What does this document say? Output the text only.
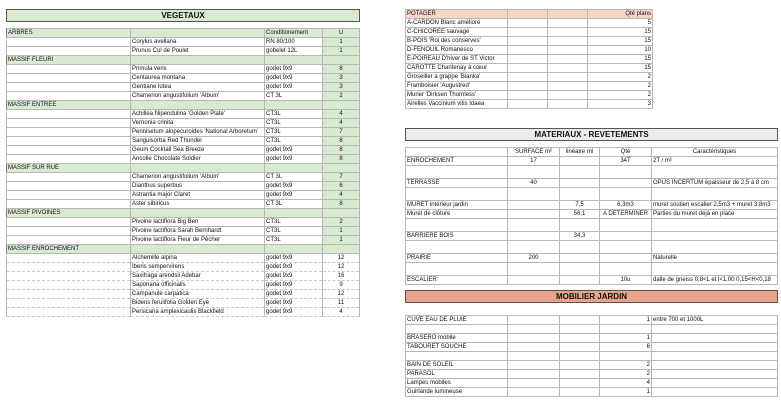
VEGETAUX			

ARBRES		Conditionement	U
	Corylus avellana	RN 80/100	1
	Prunus Cul de Poulet	gobelet 12L	1
MASSIF FLEURI			
	Primula veris	godet 9x9	8
	Centaurea montana	godet 9x9	3
	Gentiane lutea	godet 9x9	3
	Chamerion angustifolium 'Album'	CT 3L	2
MASSIF ENTREE			
	Achillea filipendulina 'Golden Plate'	CT3L	4
	Vernonia crinita	CT3L	4
	Pennisetum alopecuroides 'National Arboretum'	CT3L	7
	Sanguisorba Red Thunder	CT3L	8
	Geum Cocktail Sea Breeze	godet 9x9	8
	Ancolie Chocolate Soldier	godet 9x9	8
MASSIF SUR RUE			
	Chamerion angustifolium 'Album'	CT 3L	7
	Dianthus superbus	godet 9x9	6
	Astrantia major Claret	godet 9x9	4
	Aster sibiricus	CT 3L	8
MASSIF PIVOINES			
	Pivoine lactiflora Big Ben	CT3L	2
	Pivoine lactiflora Sarah Bernhardt	CT3L	1
	Pivoine lactiflora Fleur de Pêcher	CT3L	1
MASSIF ENROCHEMENT			
	Alchemille alpina	godet 9x9	12
	Iberis sempervirens	godet 9x9	12
	Saxifraga arendsii Adebar	godet 9x9	16
	Saponaria officinalis	godet 9x9	9
	Campanule carpatica	godet 9x9	12
	Bidens ferulifolia Golden Eye	godet 9x9	11
	Persicaria amplexicaulis Blackfield	godet 9x9	4
POTAGER			Qté plans
A-CARDON Blanc amélioré			5
C-CHICOREE sauvage			15
B-POIS 'Roi des conserves'			15
D-FENOUIL Romanesco			10
E-POIREAU D'hiver de ST Victor			15
CAROTTE Chantenay à cœur			15
Groseiller à grappe 'Blanka'			2
Framboisier 'Augustred'			2
Murier 'Dirksen Thornless'			2
Airelles Vaccinium vitis Idaea			3
MATERIAUX - REVETEMENTS				

	SURFACE m²	linéaire ml	Qté	Caractéristiques
ENROCHEMENT	17		34T	2T / m²

TERRASSE	40			OPUS INCERTUM épaisseur de 2,5 à 8 cm

MURET intérieur jardin		7,5	6,3m3	muret soutien escalier 2,5m3 + muret 3,8m3
Muret de clôture		56,1	A DETERMINER	Parties du muret déjà en place

BARRIERE BOIS		34,3		

PRAIRIE	200			Naturelle

ESCALIER			10u	dalle de gneiss 0,8<L et l<1.00 0,15<H<0,18
MOBILIER JARDIN				

CUVE EAU DE PLUIE			1	entre 700 et 1000L

BRASERO mobile			1	
TABOURET SOUCHE			6	

BAIN DE SOLEIL			2	
PARASOL			2	
Lampes mobiles			4	
Guirlande lumineuse			1	
